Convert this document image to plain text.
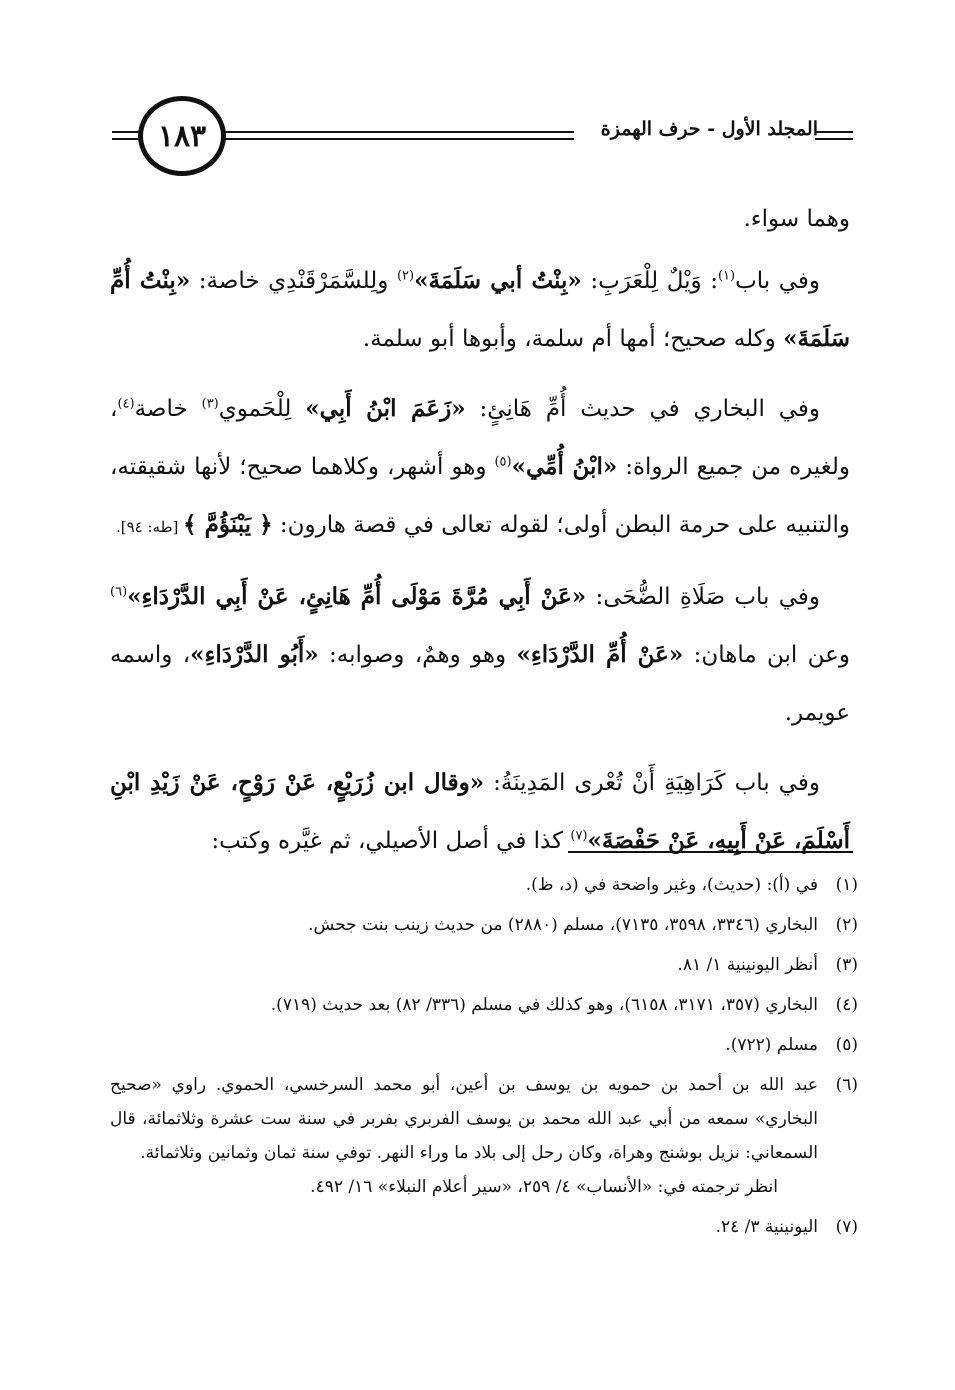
١٨٣	المجلد الأول - حرف الهمزة

وهما سواء.

وفي باب$^{(١)}$: وَيْلٌ لِلْعَرَبِ: «بِنْتُ أبي سَلَمَةَ»$^{(٢)}$ ولِلسَّمَرْقَنْدِي خاصة: «بِنْتُ أُمِّ سَلَمَةَ» وكله صحيح؛ أمها أم سلمة، وأبوها أبو سلمة.

وفي البخاري في حديث أُمِّ هَانِئٍ: «زَعَمَ ابْنُ أَبِي» لِلْحَموي$^{(٣)}$ خاصة$^{(٤)}$، ولغيره من جميع الرواة: «ابْنُ أُمِّي»$^{(٥)}$ وهو أشهر، وكلاهما صحيح؛ لأنها شقيقته، والتنبيه على حرمة البطن أولى؛ لقوله تعالى في قصة هارون: ﴿ يَبْنَؤُمَّ ﴾ [طه: ٩٤].

وفي باب صَلَاةِ الضُّحَى: «عَنْ أَبِي مُرَّةَ مَوْلَى أُمِّ هَانِئٍ، عَنْ أَبِي الدَّرْدَاءِ»$^{(٦)}$ وعن ابن ماهان: «عَنْ أُمِّ الدَّرْدَاءِ» وهو وهمٌ، وصوابه: «أَبُو الدَّرْدَاءِ»، واسمه عويمر.

وفي باب كَرَاهِيَةِ أَنْ تُعْرى المَدِينَةُ: «وقال ابن زُرَيْعٍ، عَنْ رَوْحٍ، عَنْ زَيْدِ ابْنِ أَسْلَمَ، عَنْ أَبِيهِ، عَنْ حَفْصَةَ»$^{(٧)}$ كذا في أصل الأصيلي، ثم غيَّره وكتب:

(١)
في (أ): (حديث)، وغير واضحة في (د، ظ).
(٢)
البخاري (٣٣٤٦، ٣٥٩٨، ٧١٣٥)، مسلم (٢٨٨٠) من حديث زينب بنت جحش.
(٣)
أنظر اليونينية ١/ ٨١.
(٤)
البخاري (٣٥٧، ٣١٧١، ٦١٥٨)، وهو كذلك في مسلم (٣٣٦/ ٨٢) بعد حديث (٧١٩).
(٥)
مسلم (٧٢٢).
(٦)
عبد الله بن أحمد بن حمويه بن يوسف بن أعين، أبو محمد السرخسي، الحموي. راوي «صحيح البخاري» سمعه من أبي عبد الله محمد بن يوسف الفربري بفربر في سنة ست عشرة وثلاثمائة، قال السمعاني: نزيل بوشنج وهراة، وكان رحل إلى بلاد ما وراء النهر. توفي سنة ثمان وثمانين وثلاثمائة.
انظر ترجمته في: «الأنساب» ٤/ ٢٥٩، «سير أعلام النبلاء» ١٦/ ٤٩٢.
(٧)
اليونينية ٣/ ٢٤.
